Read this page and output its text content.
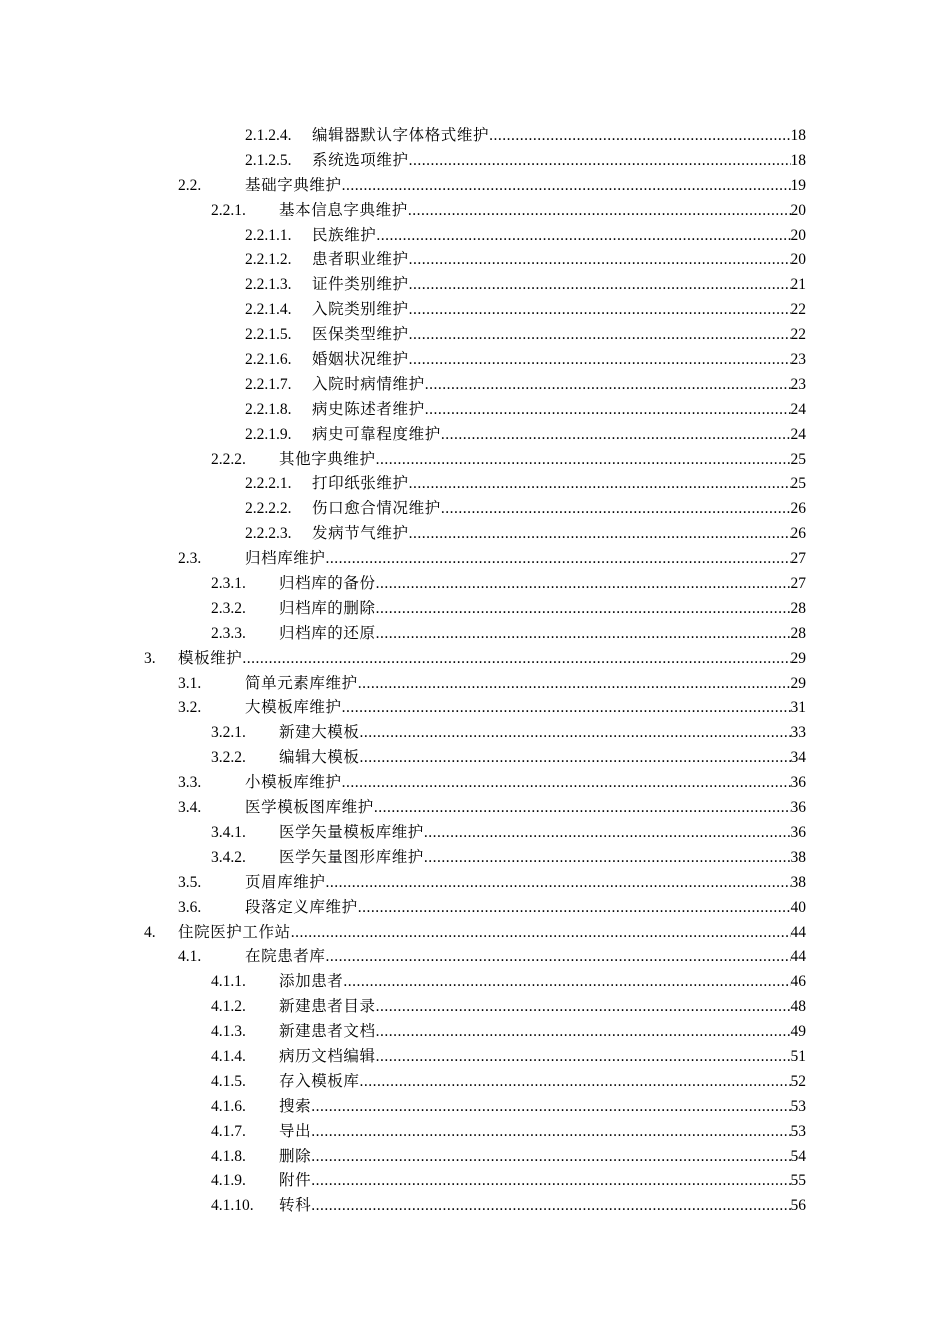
2.1.2.4. 编辑器默认字体格式维护 .....	18
2.1.2.5. 系统选项维护 .....	18
2.2.	基础字典维护 .....	19
2.2.1. 基本信息字典维护 .....	20
2.2.1.1. 民族维护 .....	20
2.2.1.2. 患者职业维护 .....	20
2.2.1.3. 证件类别维护 .....	21
2.2.1.4. 入院类别维护 .....	22
2.2.1.5. 医保类型维护 .....	22
2.2.1.6. 婚姻状况维护 .....	23
2.2.1.7. 入院时病情维护 .....	23
2.2.1.8. 病史陈述者维护 .....	24
2.2.1.9. 病史可靠程度维护 .....	24
2.2.2. 其他字典维护 .....	25
2.2.2.1. 打印纸张维护 .....	25
2.2.2.2. 伤口愈合情况维护 .....	26
2.2.2.3. 发病节气维护 .....	26
2.3.	归档库维护 .....	27
2.3.1. 归档库的备份 .....	27
2.3.2. 归档库的删除 .....	28
2.3.3. 归档库的还原 .....	28
3. 模板维护 .....	29
3.1.	简单元素库维护 .....	29
3.2.	大模板库维护 .....	31
3.2.1. 新建大模板 .....	33
3.2.2. 编辑大模板 .....	34
3.3.	小模板库维护 .....	36
3.4.	医学模板图库维护 .....	36
3.4.1. 医学矢量模板库维护 .....	36
3.4.2. 医学矢量图形库维护 .....	38
3.5.	页眉库维护 .....	38
3.6.	段落定义库维护 .....	40
4. 住院医护工作站 .....	44
4.1.	在院患者库 .....	44
4.1.1. 添加患者 .....	46
4.1.2. 新建患者目录 .....	48
4.1.3. 新建患者文档 .....	49
4.1.4. 病历文档编辑 .....	51
4.1.5. 存入模板库 .....	52
4.1.6. 搜索 .....	53
4.1.7. 导出 .....	53
4.1.8. 删除 .....	54
4.1.9. 附件 .....	55
4.1.10. 转科 .....	56
